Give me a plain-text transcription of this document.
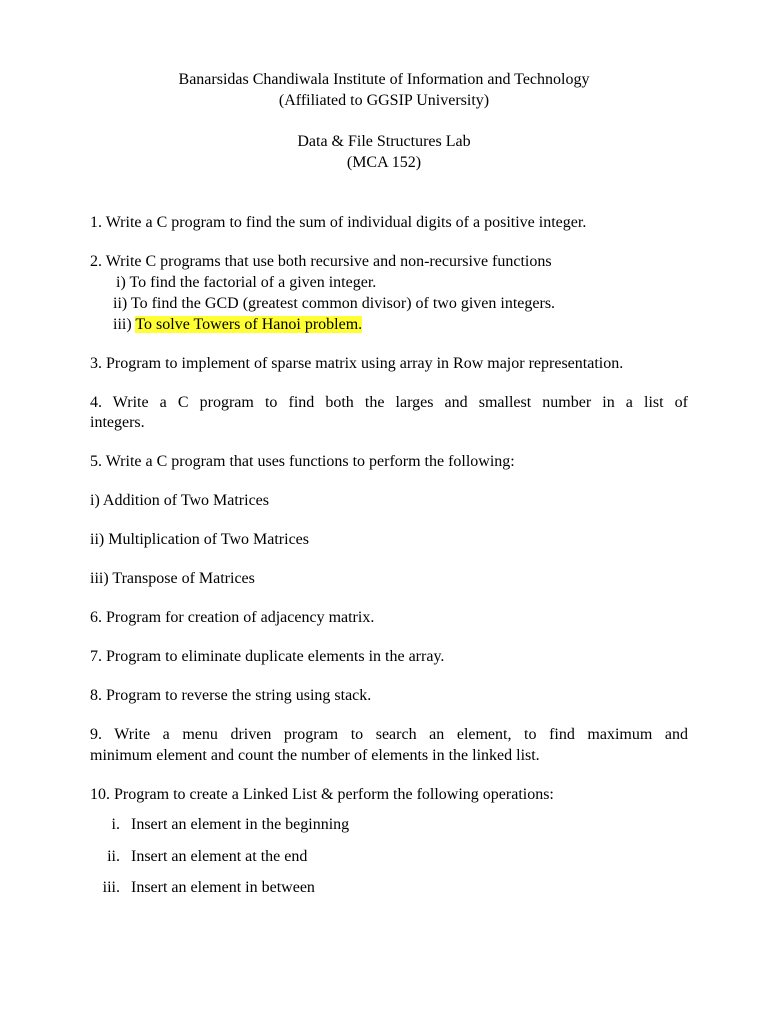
Banarsidas Chandiwala Institute of Information and Technology
(Affiliated to GGSIP University)
Data & File Structures Lab
(MCA 152)
1. Write a C program to find the sum of individual digits of a positive integer.
2. Write C programs that use both recursive and non-recursive functions
i) To find the factorial of a given integer.
ii) To find the GCD (greatest common divisor) of two given integers.
iii) To solve Towers of Hanoi problem.
3. Program to implement of sparse matrix using array in Row major representation.
4. Write a C program to find both the larges and smallest number in a list of
integers.
5. Write a C program that uses functions to perform the following:
i) Addition of Two Matrices
ii) Multiplication of Two Matrices
iii) Transpose of Matrices
6. Program for creation of adjacency matrix.
7. Program to eliminate duplicate elements in the array.
8. Program to reverse the string using stack.
9. Write a menu driven program to search an element, to find maximum and
minimum element and count the number of elements in the linked list.
10. Program to create a Linked List & perform the following operations:
i. Insert an element in the beginning
ii. Insert an element at the end
iii. Insert an element in between
